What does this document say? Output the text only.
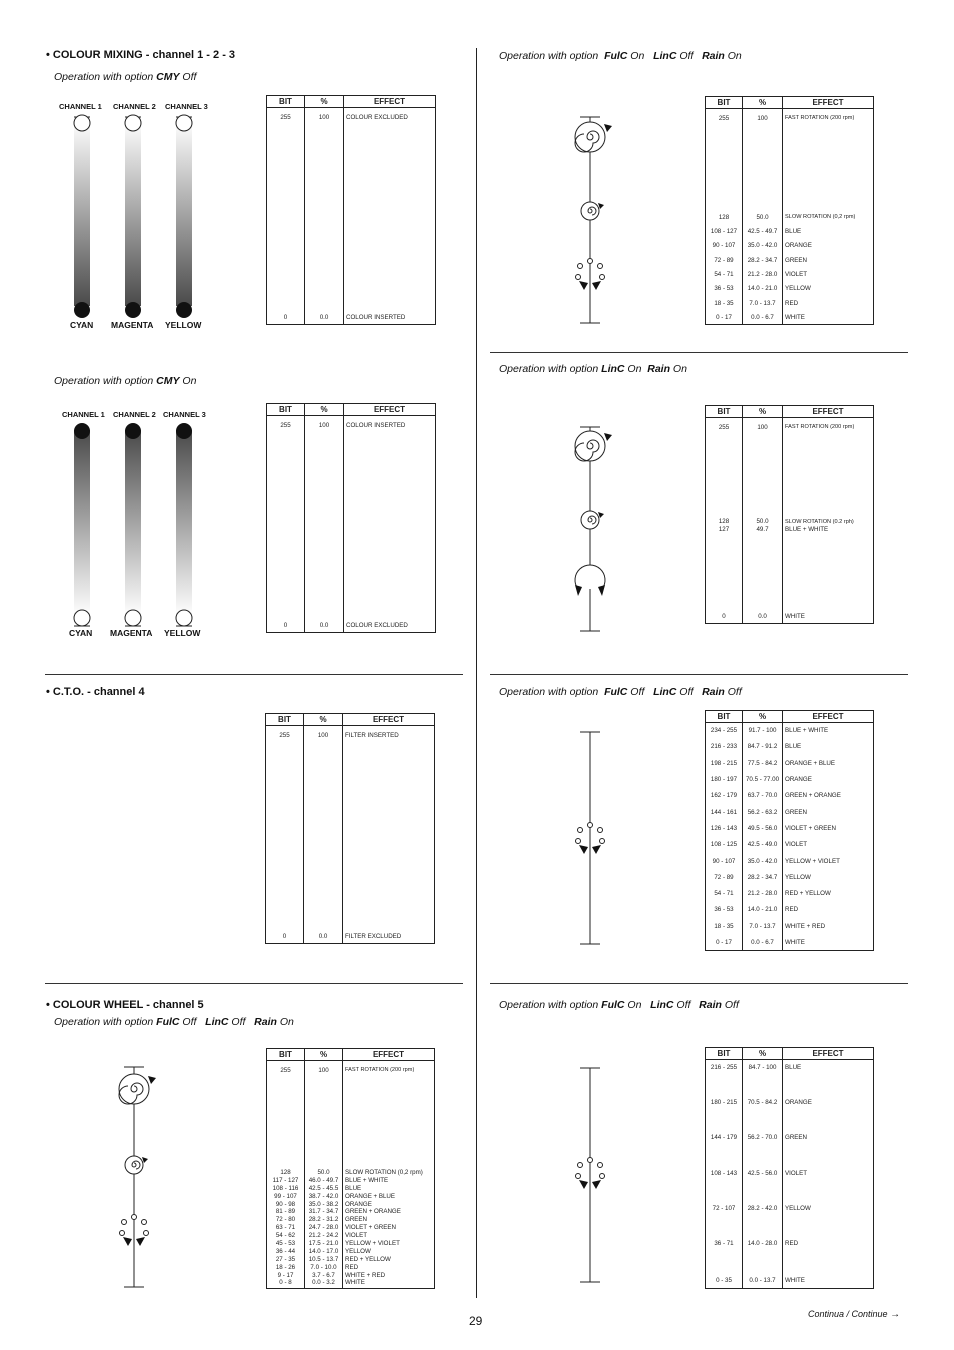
• COLOUR MIXING - channel 1 - 2 - 3
Operation with option CMY Off
CHANNEL 1 CHANNEL 2 CHANNEL 3
CYAN MAGENTA YELLOW
BIT	%	EFFECT
255	100	COLOUR EXCLUDED
0	0.0	COLOUR INSERTED
Operation with option CMY On
CHANNEL 1 CHANNEL 2 CHANNEL 3
CYAN MAGENTA YELLOW
BIT	%	EFFECT
255	100	COLOUR INSERTED
0	0.0	COLOUR EXCLUDED
• C.T.O. - channel 4
BIT	%	EFFECT
255	100	FILTER INSERTED
0	0.0	FILTER EXCLUDED
• COLOUR WHEEL - channel 5
Operation with option FulC Off   LinC Off   Rain On
BIT	%	EFFECT
255	100	FAST ROTATION (200 rpm)
128	50.0	SLOW ROTATION (0,2 rpm)
117 - 127	46.0 - 49.7	BLUE + WHITE
108 - 116	42.5 - 45.5	BLUE
99 - 107	38.7 - 42.0	ORANGE + BLUE
90 - 98	35.0 - 38.2	ORANGE
81 - 89	31.7 - 34.7	GREEN + ORANGE
72 - 80	28.2 - 31.2	GREEN
63 - 71	24.7 - 28.0	VIOLET + GREEN
54 - 62	21.2 - 24.2	VIOLET
45 - 53	17.5 - 21.0	YELLOW + VIOLET
36 - 44	14.0 - 17.0	YELLOW
27 - 35	10.5 - 13.7	RED + YELLOW
18 - 26	7.0 - 10.0	RED
9 - 17	3.7 - 6.7	WHITE + RED
0 - 8	0.0 - 3.2	WHITE
Operation with option  FulC On   LinC Off   Rain On
BIT	%	EFFECT
255	100	FAST ROTATION (200 rpm)
128	50.0	SLOW ROTATION (0,2 rpm)
108 - 127	42.5 - 49.7	BLUE
90 - 107	35.0 - 42.0	ORANGE
72 - 89	28.2 - 34.7	GREEN
54 - 71	21.2 - 28.0	VIOLET
36 - 53	14.0 - 21.0	YELLOW
18 - 35	7.0 - 13.7	RED
0 - 17	0.0 - 6.7	WHITE
Operation with option LinC On  Rain On
BIT	%	EFFECT
255	100	FAST ROTATION (200 rpm)
128	50.0	SLOW ROTATION (0.2 rph)
127	49.7	BLUE + WHITE
0	0.0	WHITE
Operation with option  FulC Off   LinC Off   Rain Off
BIT	%	EFFECT
234 - 255	91.7 - 100	BLUE + WHITE
216 - 233	84.7 - 91.2	BLUE
198 - 215	77.5 - 84.2	ORANGE + BLUE
180 - 197	70.5 - 77.00	ORANGE
162 - 179	63.7 - 70.0	GREEN + ORANGE
144 - 161	56.2 - 63.2	GREEN
126 - 143	49.5 - 56.0	VIOLET + GREEN
108 - 125	42.5 - 49.0	VIOLET
90 - 107	35.0 - 42.0	YELLOW + VIOLET
72 - 89	28.2 - 34.7	YELLOW
54 - 71	21.2 - 28.0	RED + YELLOW
36 - 53	14.0 - 21.0	RED
18 - 35	7.0 - 13.7	WHITE + RED
0 - 17	0.0 - 6.7	WHITE
Operation with option FulC On   LinC Off   Rain Off
BIT	%	EFFECT
216 - 255	84.7 - 100	BLUE
180 - 215	70.5 - 84.2	ORANGE
144 - 179	56.2 - 70.0	GREEN
108 - 143	42.5 - 56.0	VIOLET
72 - 107	28.2 - 42.0	YELLOW
36 - 71	14.0 - 28.0	RED
0 - 35	0.0 - 13.7	WHITE
29	Continua / Continue →
